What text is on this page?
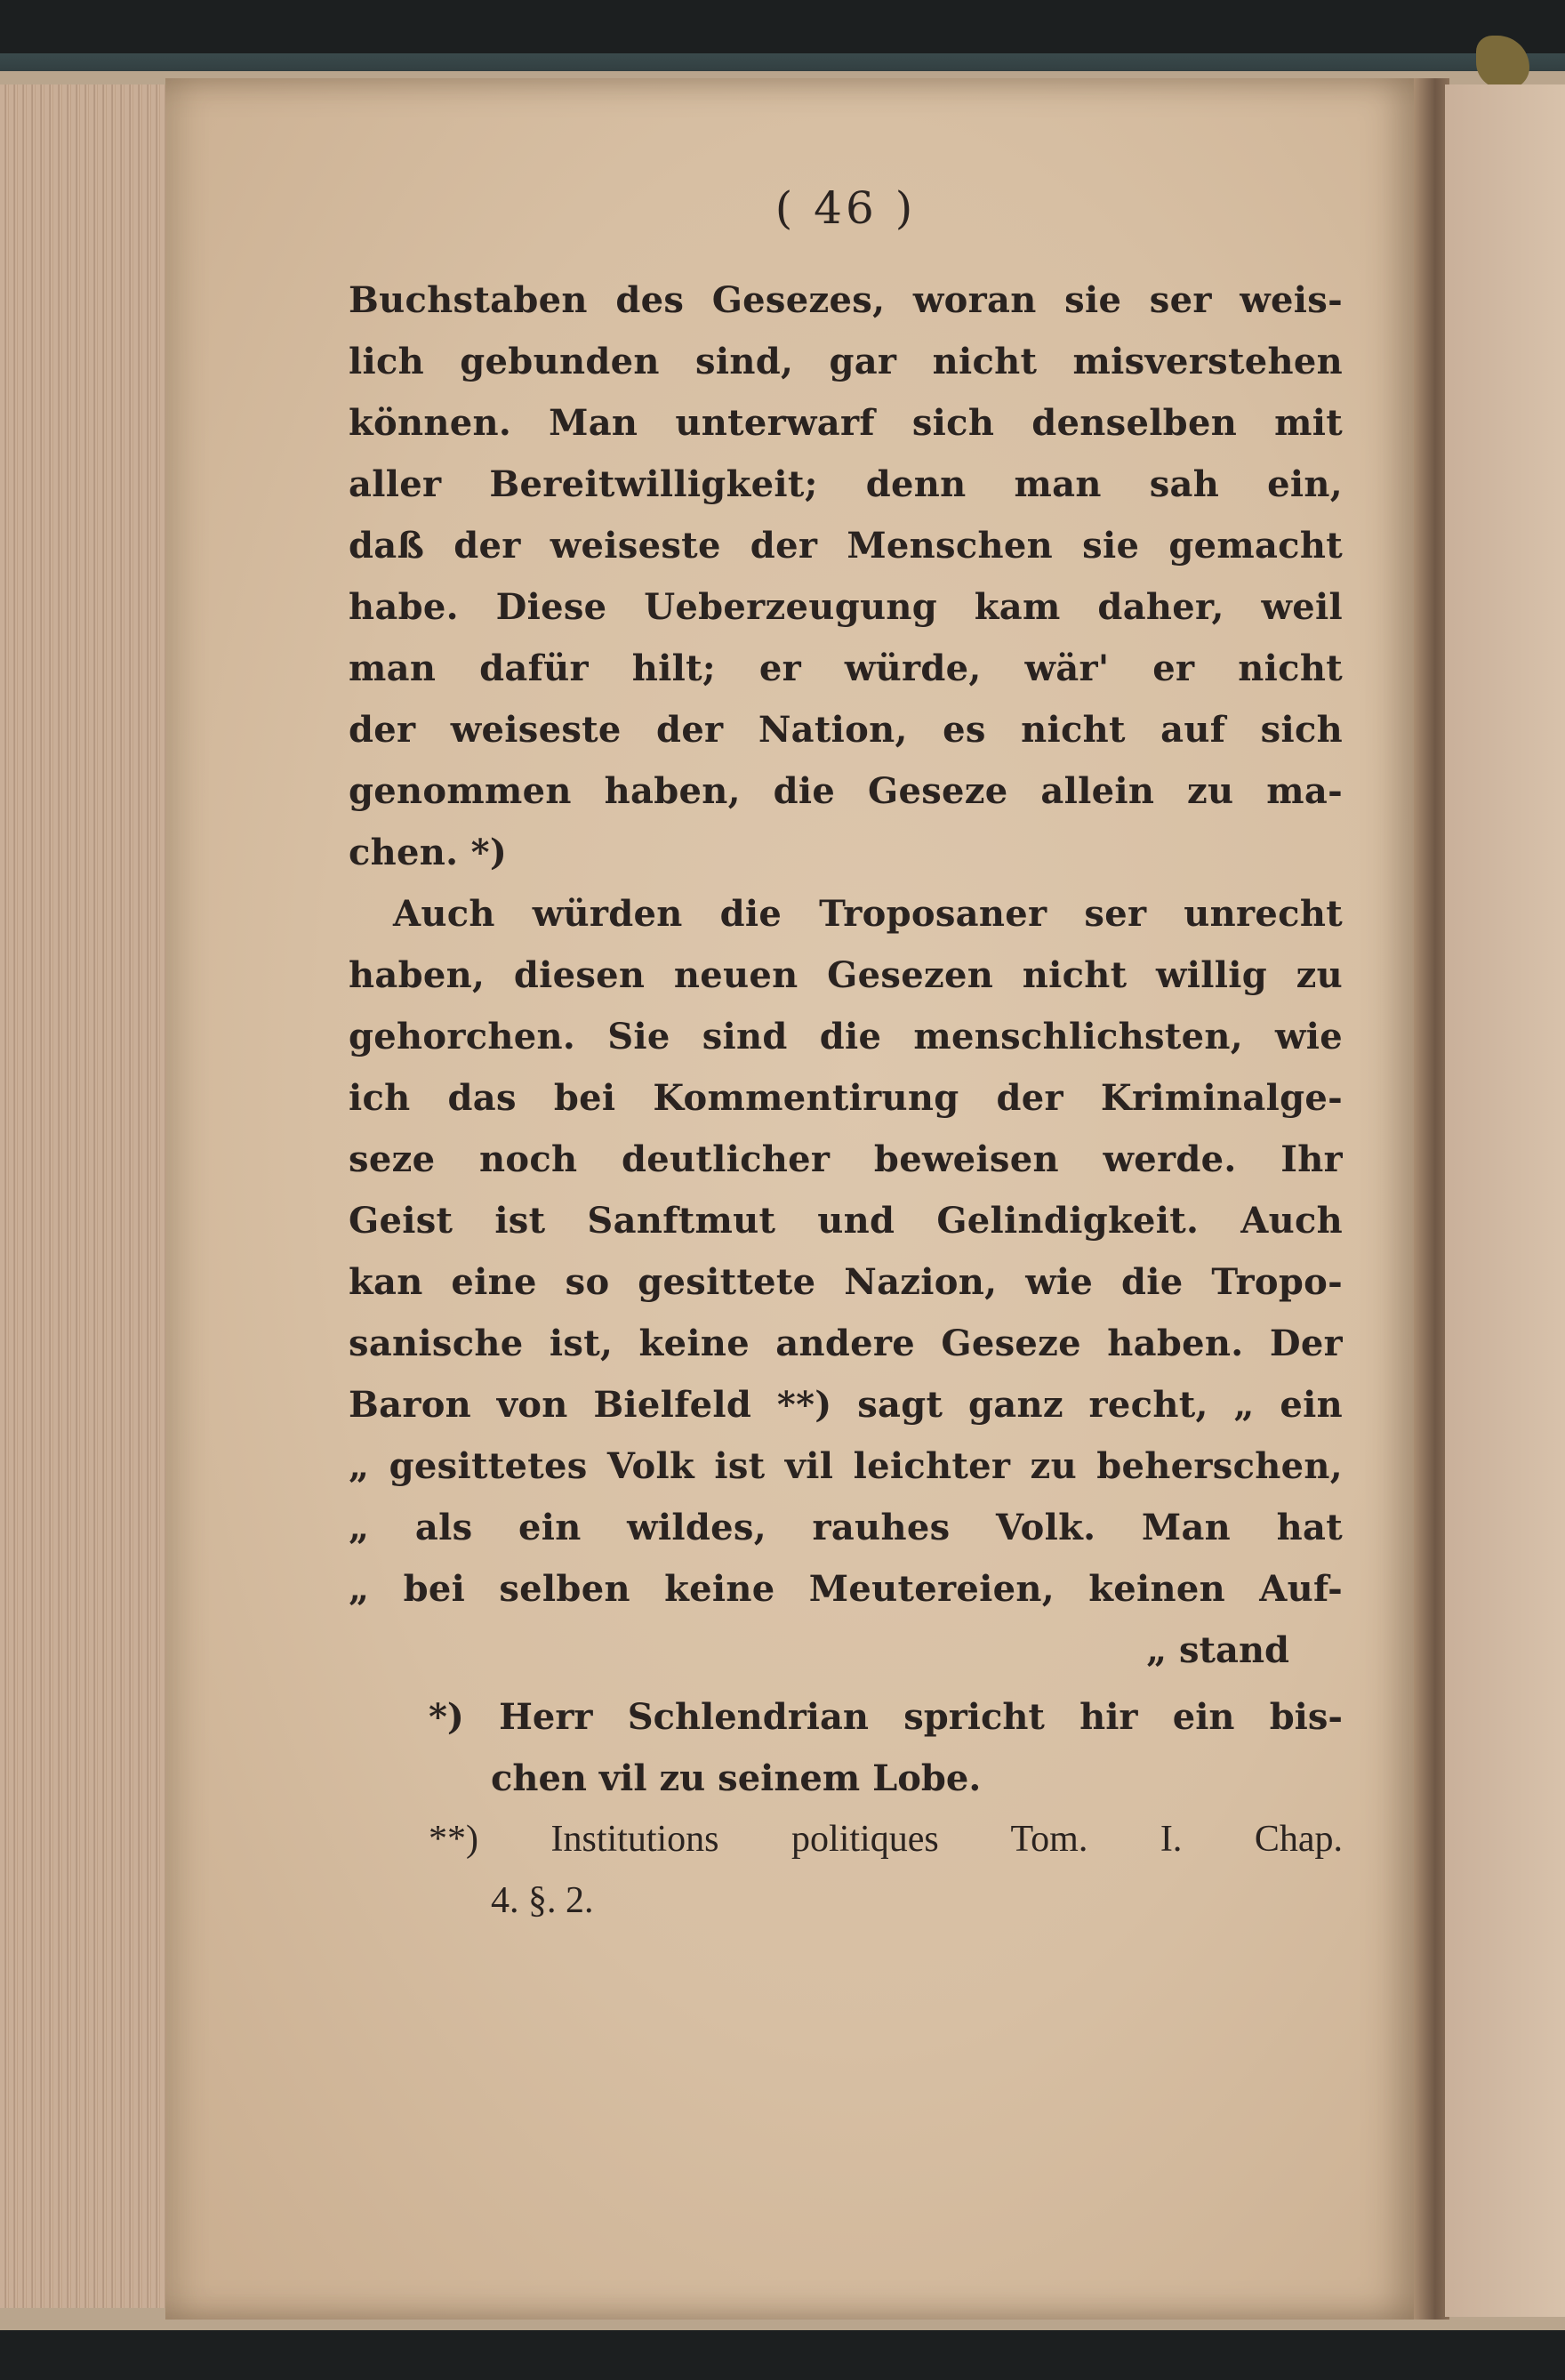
( 46 )
Buchstaben des Gesezes, woran sie ser weis-
lich gebunden sind, gar nicht misverstehen
können. Man unterwarf sich denselben mit
aller Bereitwilligkeit; denn man sah ein,
daß der weiseste der Menschen sie gemacht
habe. Diese Ueberzeugung kam daher, weil
man dafür hilt; er würde, wär' er nicht
der weiseste der Nation, es nicht auf sich
genommen haben, die Geseze allein zu ma-
chen. *)
Auch würden die Troposaner ser unrecht
haben, diesen neuen Gesezen nicht willig zu
gehorchen. Sie sind die menschlichsten, wie
ich das bei Kommentirung der Kriminalge-
seze noch deutlicher beweisen werde. Ihr
Geist ist Sanftmut und Gelindigkeit. Auch
kan eine so gesittete Nazion, wie die Tropo-
sanische ist, keine andere Geseze haben. Der
Baron von Bielfeld **) sagt ganz recht, „ ein
„ gesittetes Volk ist vil leichter zu beherschen,
„ als ein wildes, rauhes Volk. Man hat
„ bei selben keine Meutereien, keinen Auf-
„ stand
*) Herr Schlendrian spricht hir ein bis-
chen vil zu seinem Lobe.
**) Institutions politiques Tom. I. Chap.
4. §. 2.
